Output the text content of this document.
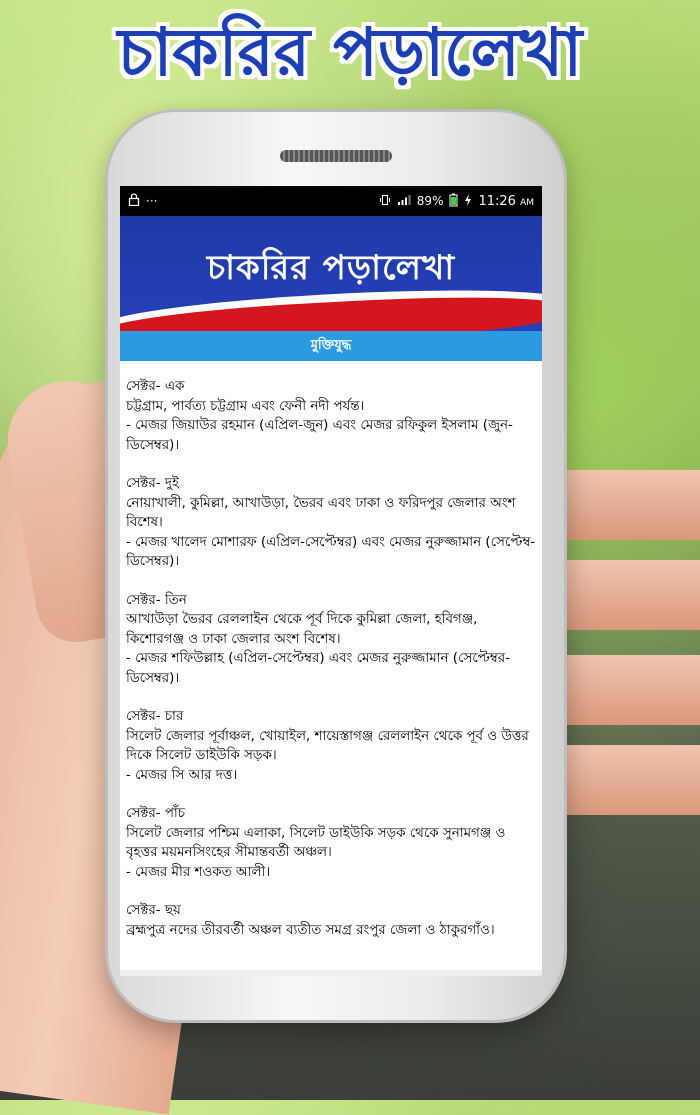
চাকরির পড়ালেখা
···	89%	11:26 AM
চাকরির পড়ালেখা
মুক্তিযুদ্ধ
সেক্টর- এক
চট্টগ্রাম, পার্বত্য চট্টগ্রাম এবং ফেনী নদী পর্যন্ত।
- মেজর জিয়াউর রহমান (এপ্রিল-জুন) এবং মেজর রফিকুল ইসলাম (জুন-ডিসেম্বর)।
সেক্টর- দুই
নোয়াখালী, কুমিল্লা, আখাউড়া, ভৈরব এবং ঢাকা ও ফরিদপুর জেলার অংশ বিশেষ।
- মেজর খালেদ মোশারফ (এপ্রিল-সেপ্টেম্বর) এবং মেজর নুরুজ্জামান (সেপ্টেম্ব-ডিসেম্বর)।
সেক্টর- তিন
আখাউড়া ভৈরব রেললাইন থেকে পূর্ব দিকে কুমিল্লা জেলা, হবিগঞ্জ, কিশোরগঞ্জ ও ঢাকা জেলার অংশ বিশেষ।
- মেজর শফিউল্লাহ (এপ্রিল-সেপ্টেম্বর) এবং মেজর নুরুজ্জামান (সেপ্টেম্বর-ডিসেম্বর)।
সেক্টর- চার
সিলেট জেলার পূর্বাঞ্চল, খোয়াইল, শায়েস্তাগঞ্জ রেললাইন থেকে পূর্ব ও উত্তর দিকে সিলেট ডাইউকি সড়ক।
- মেজর সি আর দত্ত।
সেক্টর- পাঁচ
সিলেট জেলার পশ্চিম এলাকা, সিলেট ডাইউকি সড়ক থেকে সুনামগঞ্জ ও বৃহত্তর ময়মনসিংহের সীমান্তবর্তী অঞ্চল।
- মেজর মীর শওকত আলী।
সেক্টর- ছয়
ব্রহ্মপুত্র নদের তীরবর্তী অঞ্চল ব্যতীত সমগ্র রংপুর জেলা ও ঠাকুরগাঁও।
